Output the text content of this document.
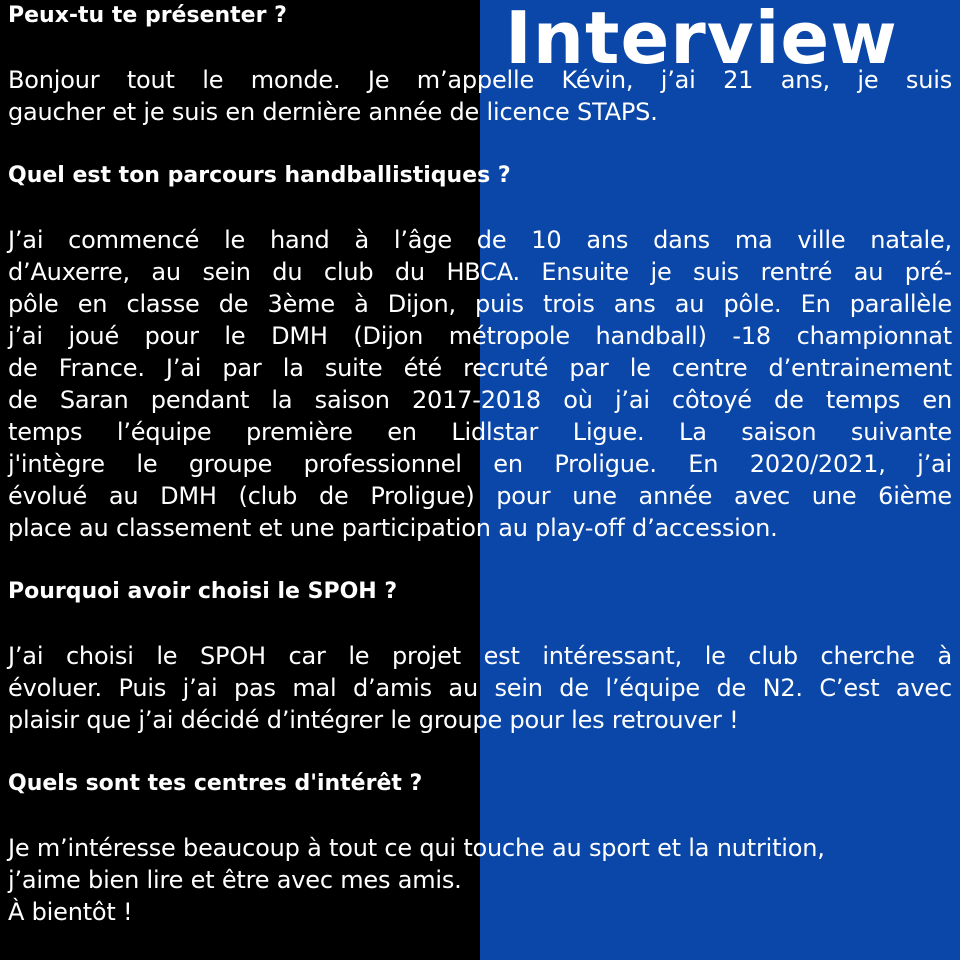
Interview

Peux-tu te présenter ?

Bonjour tout le monde. Je m’appelle Kévin, j’ai 21 ans, je suis
gaucher et je suis en dernière année de licence STAPS.

Quel est ton parcours handballistiques ?

J’ai commencé le hand à l’âge de 10 ans dans ma ville natale,
d’Auxerre, au sein du club du HBCA. Ensuite je suis rentré au pré-
pôle en classe de 3ème à Dijon, puis trois ans au pôle. En parallèle
j’ai joué pour le DMH (Dijon métropole handball) -18 championnat
de France. J’ai par la suite été recruté par le centre d’entrainement
de Saran pendant la saison 2017-2018 où j’ai côtoyé de temps en
temps l’équipe première en Lidlstar Ligue. La saison suivante
j'intègre le groupe professionnel en Proligue. En 2020/2021, j’ai
évolué au DMH (club de Proligue) pour une année avec une 6ième
place au classement et une participation au play-off d’accession.

Pourquoi avoir choisi le SPOH ?

J’ai choisi le SPOH car le projet est intéressant, le club cherche à
évoluer. Puis j’ai pas mal d’amis au sein de l’équipe de N2. C’est avec
plaisir que j’ai décidé d’intégrer le groupe pour les retrouver !

Quels sont tes centres d'intérêt ?

Je m’intéresse beaucoup à tout ce qui touche au sport et la nutrition,
j’aime bien lire et être avec mes amis.
À bientôt !
